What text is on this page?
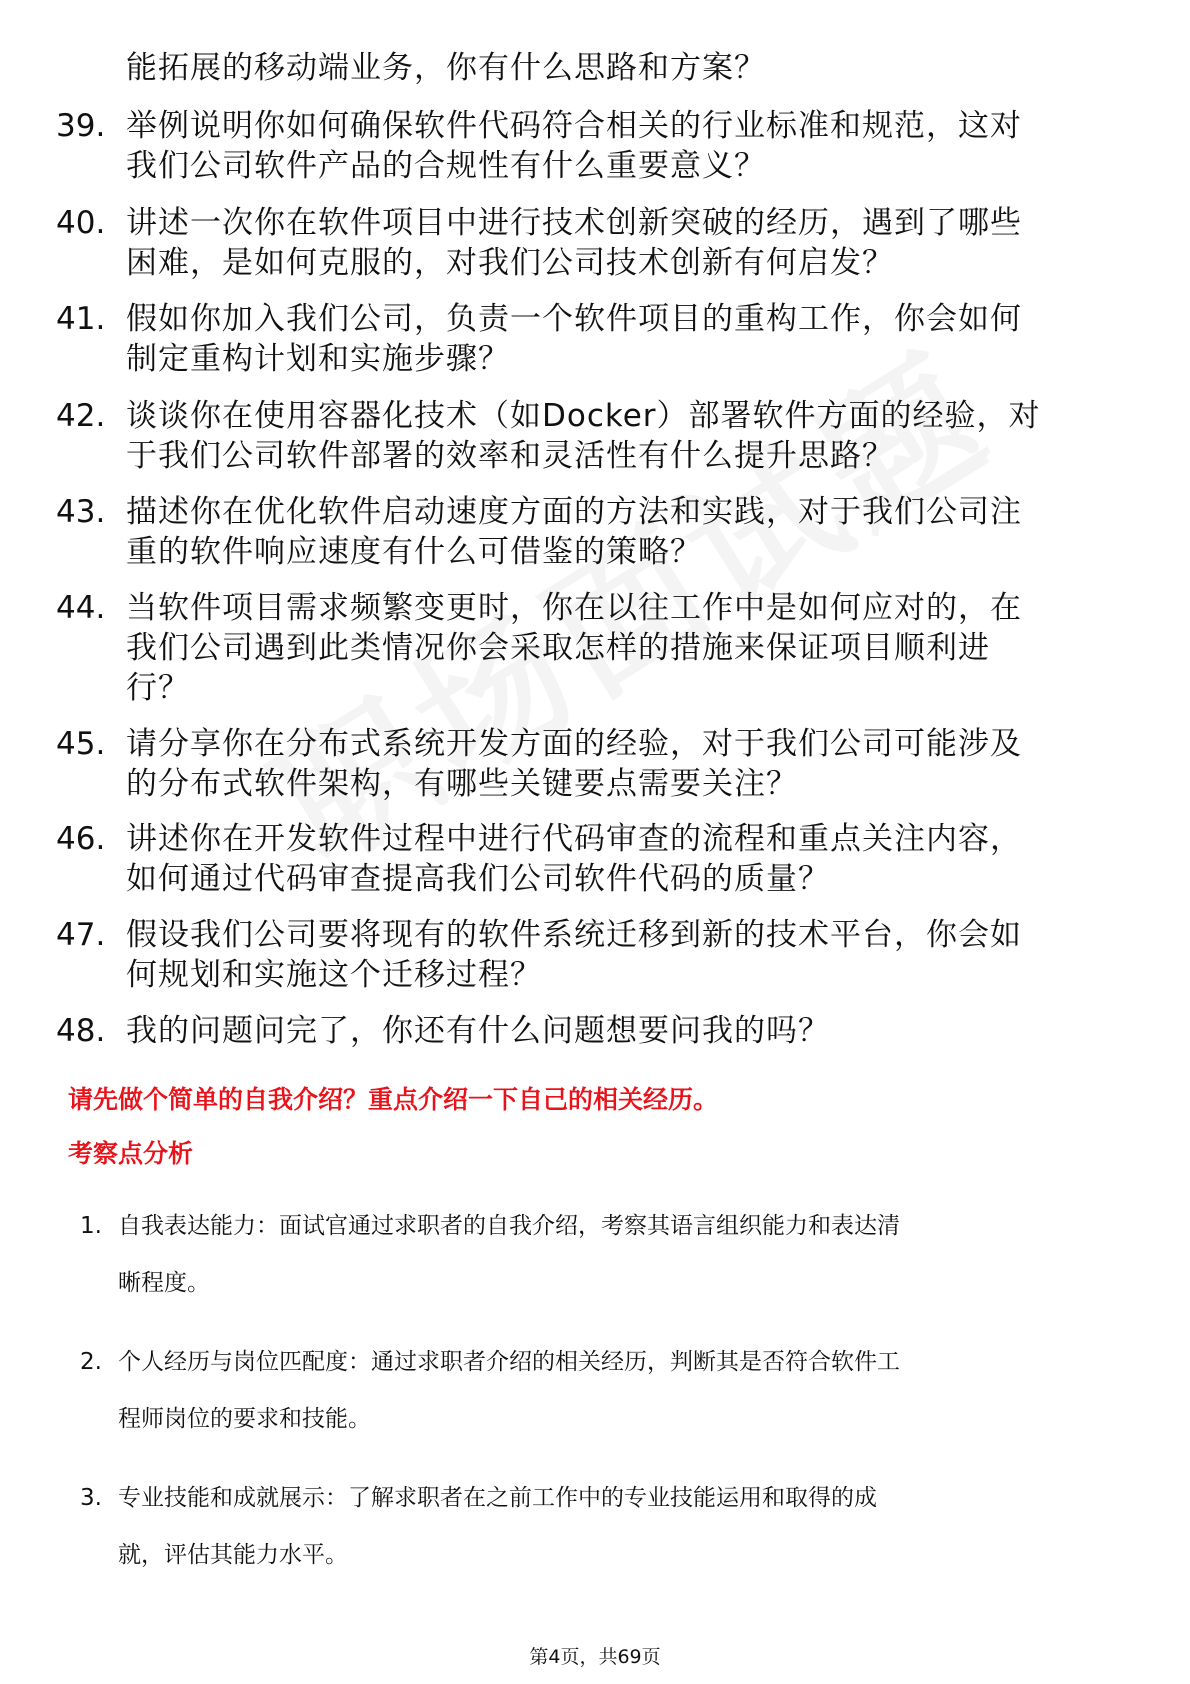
能拓展的移动端业务，你有什么思路和方案？
39. 举例说明你如何确保软件代码符合相关的行业标准和规范，这对
我们公司软件产品的合规性有什么重要意义？
40. 讲述一次你在软件项目中进行技术创新突破的经历，遇到了哪些
困难，是如何克服的，对我们公司技术创新有何启发？
41. 假如你加入我们公司，负责一个软件项目的重构工作，你会如何
制定重构计划和实施步骤？
42. 谈谈你在使用容器化技术（如Docker）部署软件方面的经验，对
于我们公司软件部署的效率和灵活性有什么提升思路？
43. 描述你在优化软件启动速度方面的方法和实践，对于我们公司注
重的软件响应速度有什么可借鉴的策略？
44. 当软件项目需求频繁变更时，你在以往工作中是如何应对的，在
我们公司遇到此类情况你会采取怎样的措施来保证项目顺利进
行？
45. 请分享你在分布式系统开发方面的经验，对于我们公司可能涉及
的分布式软件架构，有哪些关键要点需要关注？
46. 讲述你在开发软件过程中进行代码审查的流程和重点关注内容，
如何通过代码审查提高我们公司软件代码的质量？
47. 假设我们公司要将现有的软件系统迁移到新的技术平台，你会如
何规划和实施这个迁移过程？
48. 我的问题问完了，你还有什么问题想要问我的吗？
请先做个简单的自我介绍？重点介绍一下自己的相关经历。
考察点分析
1. 自我表达能力：面试官通过求职者的自我介绍，考察其语言组织能力和表达清
晰程度。
2. 个人经历与岗位匹配度：通过求职者介绍的相关经历，判断其是否符合软件工
程师岗位的要求和技能。
3. 专业技能和成就展示：了解求职者在之前工作中的专业技能运用和取得的成
就，评估其能力水平。
第4页，共69页
